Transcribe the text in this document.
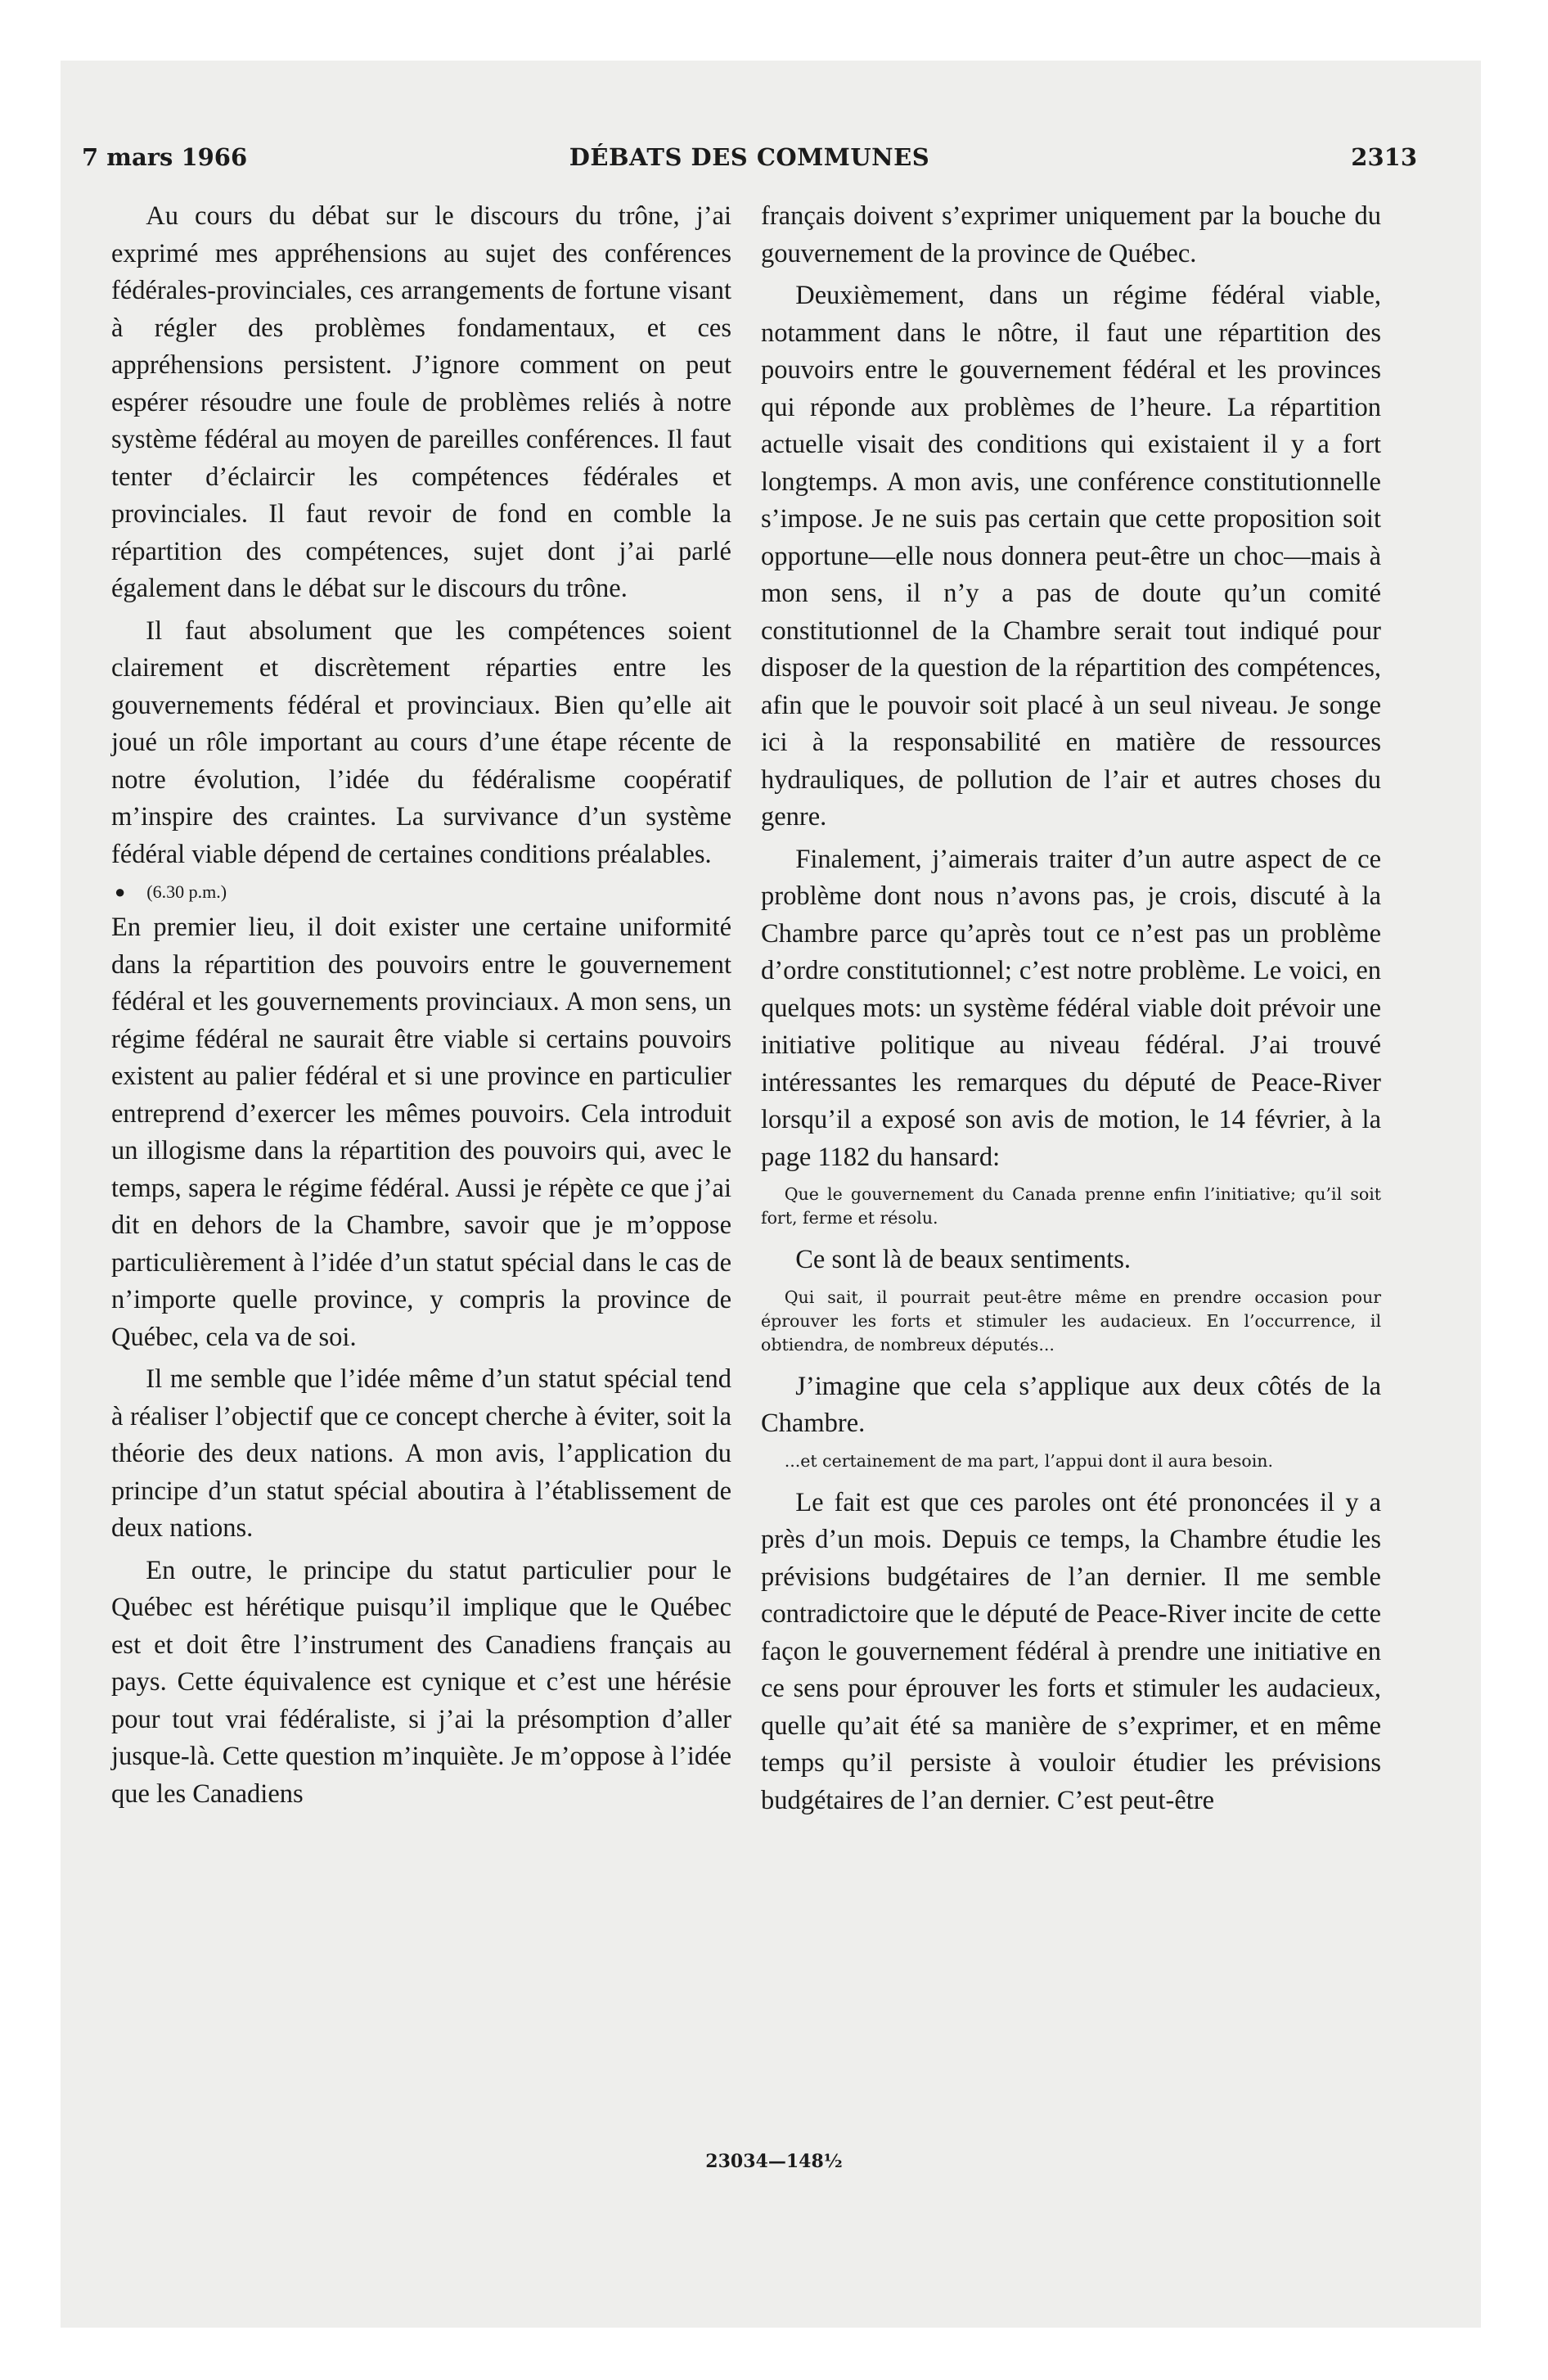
7 mars 1966	DÉBATS DES COMMUNES	2313

Au cours du débat sur le discours du trône, j’ai exprimé mes appréhensions au sujet des conférences fédérales-provinciales, ces arrangements de fortune visant à régler des problèmes fondamentaux, et ces appréhensions persistent. J’ignore comment on peut espérer résoudre une foule de problèmes reliés à notre système fédéral au moyen de pareilles conférences. Il faut tenter d’éclaircir les compétences fédérales et provinciales. Il faut revoir de fond en comble la répartition des compétences, sujet dont j’ai parlé également dans le débat sur le discours du trône.

Il faut absolument que les compétences soient clairement et discrètement réparties entre les gouvernements fédéral et provinciaux. Bien qu’elle ait joué un rôle important au cours d’une étape récente de notre évolution, l’idée du fédéralisme coopératif m’inspire des craintes. La survivance d’un système fédéral viable dépend de certaines conditions préalables.

● (6.30 p.m.)

En premier lieu, il doit exister une certaine uniformité dans la répartition des pouvoirs entre le gouvernement fédéral et les gouvernements provinciaux. A mon sens, un régime fédéral ne saurait être viable si certains pouvoirs existent au palier fédéral et si une province en particulier entreprend d’exercer les mêmes pouvoirs. Cela introduit un illogisme dans la répartition des pouvoirs qui, avec le temps, sapera le régime fédéral. Aussi je répète ce que j’ai dit en dehors de la Chambre, savoir que je m’oppose particulièrement à l’idée d’un statut spécial dans le cas de n’importe quelle province, y compris la province de Québec, cela va de soi.

Il me semble que l’idée même d’un statut spécial tend à réaliser l’objectif que ce concept cherche à éviter, soit la théorie des deux nations. A mon avis, l’application du principe d’un statut spécial aboutira à l’établissement de deux nations.

En outre, le principe du statut particulier pour le Québec est hérétique puisqu’il implique que le Québec est et doit être l’instrument des Canadiens français au pays. Cette équivalence est cynique et c’est une hérésie pour tout vrai fédéraliste, si j’ai la présomption d’aller jusque-là. Cette question m’inquiète. Je m’oppose à l’idée que les Canadiens

français doivent s’exprimer uniquement par la bouche du gouvernement de la province de Québec.

Deuxièmement, dans un régime fédéral viable, notamment dans le nôtre, il faut une répartition des pouvoirs entre le gouvernement fédéral et les provinces qui réponde aux problèmes de l’heure. La répartition actuelle visait des conditions qui existaient il y a fort longtemps. A mon avis, une conférence constitutionnelle s’impose. Je ne suis pas certain que cette proposition soit opportune—elle nous donnera peut-être un choc—mais à mon sens, il n’y a pas de doute qu’un comité constitutionnel de la Chambre serait tout indiqué pour disposer de la question de la répartition des compétences, afin que le pouvoir soit placé à un seul niveau. Je songe ici à la responsabilité en matière de ressources hydrauliques, de pollution de l’air et autres choses du genre.

Finalement, j’aimerais traiter d’un autre aspect de ce problème dont nous n’avons pas, je crois, discuté à la Chambre parce qu’après tout ce n’est pas un problème d’ordre constitutionnel; c’est notre problème. Le voici, en quelques mots: un système fédéral viable doit prévoir une initiative politique au niveau fédéral. J’ai trouvé intéressantes les remarques du député de Peace-River lorsqu’il a exposé son avis de motion, le 14 février, à la page 1182 du hansard:

Que le gouvernement du Canada prenne enfin l’initiative; qu’il soit fort, ferme et résolu.

Ce sont là de beaux sentiments.

Qui sait, il pourrait peut-être même en prendre occasion pour éprouver les forts et stimuler les audacieux. En l’occurrence, il obtiendra, de nombreux députés...

J’imagine que cela s’applique aux deux côtés de la Chambre.

...et certainement de ma part, l’appui dont il aura besoin.

Le fait est que ces paroles ont été prononcées il y a près d’un mois. Depuis ce temps, la Chambre étudie les prévisions budgétaires de l’an dernier. Il me semble contradictoire que le député de Peace-River incite de cette façon le gouvernement fédéral à prendre une initiative en ce sens pour éprouver les forts et stimuler les audacieux, quelle qu’ait été sa manière de s’exprimer, et en même temps qu’il persiste à vouloir étudier les prévisions budgétaires de l’an dernier. C’est peut-être

23034—148½
